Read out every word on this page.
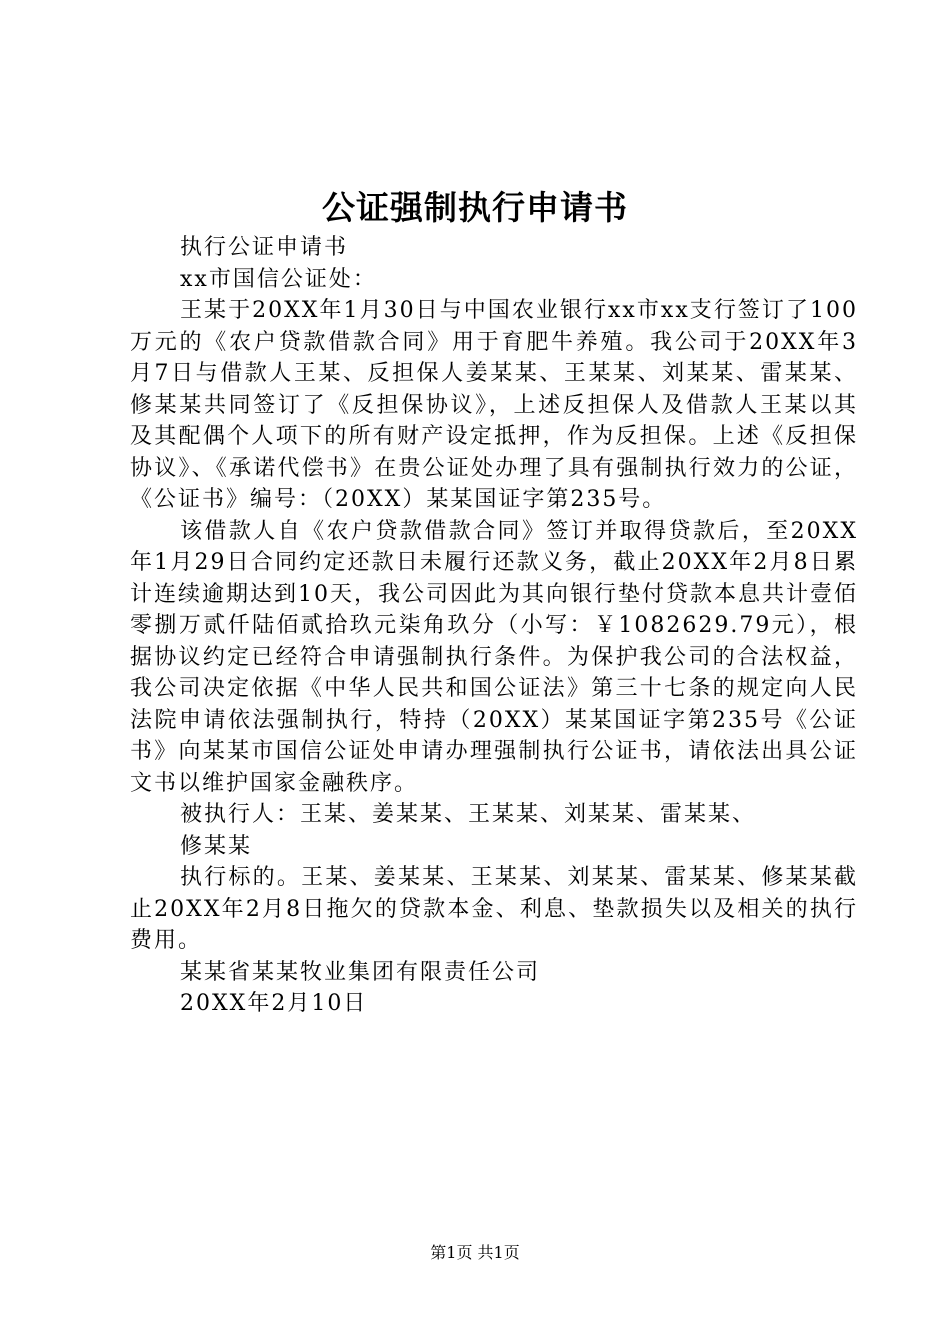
公证强制执行申请书

执行公证申请书

xx市国信公证处：

王某于20XX年1月30日与中国农业银行xx市xx支行签订了100万元的《农户贷款借款合同》用于育肥牛养殖。我公司于20XX年3月7日与借款人王某、反担保人姜某某、王某某、刘某某、雷某某、修某某共同签订了《反担保协议》，上述反担保人及借款人王某以其及其配偶个人项下的所有财产设定抵押，作为反担保。上述《反担保协议》、《承诺代偿书》在贵公证处办理了具有强制执行效力的公证，《公证书》编号：（20XX）某某国证字第235号。

该借款人自《农户贷款借款合同》签订并取得贷款后，至20XX年1月29日合同约定还款日未履行还款义务，截止20XX年2月8日累计连续逾期达到10天，我公司因此为其向银行垫付贷款本息共计壹佰零捌万贰仟陆佰贰拾玖元柒角玖分（小写：￥1082629.79元），根据协议约定已经符合申请强制执行条件。为保护我公司的合法权益，我公司决定依据《中华人民共和国公证法》第三十七条的规定向人民法院申请依法强制执行，特持（20XX）某某国证字第235号《公证书》向某某市国信公证处申请办理强制执行公证书，请依法出具公证文书以维护国家金融秩序。

被执行人：王某、姜某某、王某某、刘某某、雷某某、

修某某

执行标的。王某、姜某某、王某某、刘某某、雷某某、修某某截止20XX年2月8日拖欠的贷款本金、利息、垫款损失以及相关的执行费用。

某某省某某牧业集团有限责任公司

20XX年2月10日

第1页 共1页
